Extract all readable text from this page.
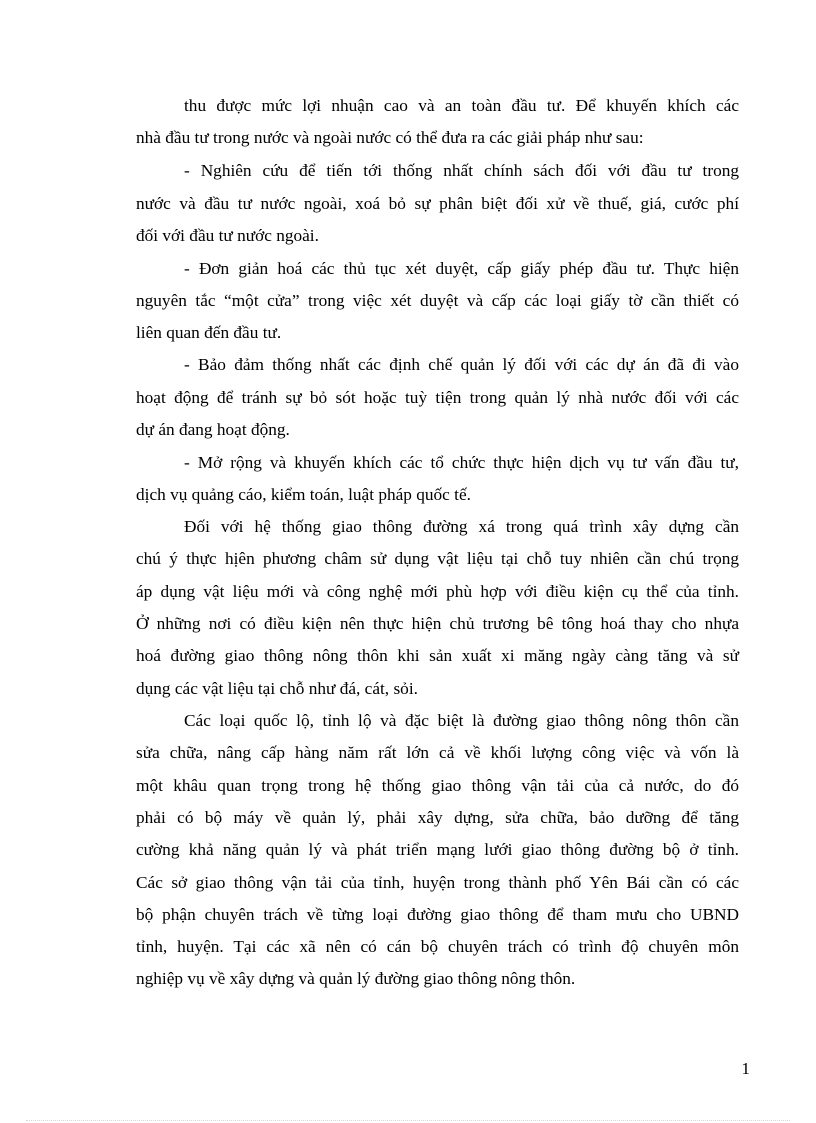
thu được mức lợi nhuận cao và an toàn đầu tư. Để khuyến khích các
nhà đầu tư trong nước và ngoài nước có thể đưa ra các giải pháp như sau:
- Nghiên cứu để tiến tới thống nhất chính sách đối với đầu tư trong
nước và đầu tư nước ngoài, xoá bỏ sự phân biệt đối xử về thuế, giá, cước phí
đối với đầu tư nước ngoài.
- Đơn giản hoá các thủ tục xét duyệt, cấp giấy phép đầu tư. Thực hiện
nguyên tắc “một cửa” trong việc xét duyệt và cấp các loại giấy tờ cần thiết có
liên quan đến đầu tư.
- Bảo đảm thống nhất các định chế quản lý đối với các dự án đã đi vào
hoạt động để tránh sự bỏ sót hoặc tuỳ tiện trong quản lý nhà nước đối với các
dự án đang hoạt động.
- Mở rộng và khuyến khích các tổ chức thực hiện dịch vụ tư vấn đầu tư,
dịch vụ quảng cáo, kiểm toán, luật pháp quốc tế.
Đối với hệ thống giao thông đường xá trong quá trình xây dựng cần
chú ý thực hịên phương châm sử dụng vật liệu tại chỗ tuy nhiên cần chú trọng
áp dụng vật liệu mới và công nghệ mới phù hợp với điều kiện cụ thể của tỉnh.
Ở những nơi có điều kiện nên thực hiện chủ trương bê tông hoá thay cho nhựa
hoá đường giao thông nông thôn khi sản xuất xi măng ngày càng tăng và sử
dụng các vật liệu tại chỗ như đá, cát, sỏi.
Các loại quốc lộ, tỉnh lộ và đặc biệt là đường giao thông nông thôn cần
sửa chữa, nâng cấp hàng năm rất lớn cả về khối lượng công việc và vốn là
một khâu quan trọng trong hệ thống giao thông vận tải của cả nước, do đó
phải có bộ máy về quản lý, phải xây dựng, sửa chữa, bảo dưỡng để tăng
cường khả năng quản lý và phát triển mạng lưới giao thông đường bộ ở tỉnh.
Các sở giao thông vận tải của tỉnh, huyện trong thành phố Yên Bái cần có các
bộ phận chuyên trách về từng loại đường giao thông để tham mưu cho UBND
tỉnh, huyện. Tại các xã nên có cán bộ chuyên trách có trình độ chuyên môn
nghiệp vụ về xây dựng và quản lý đường giao thông nông thôn.
1
